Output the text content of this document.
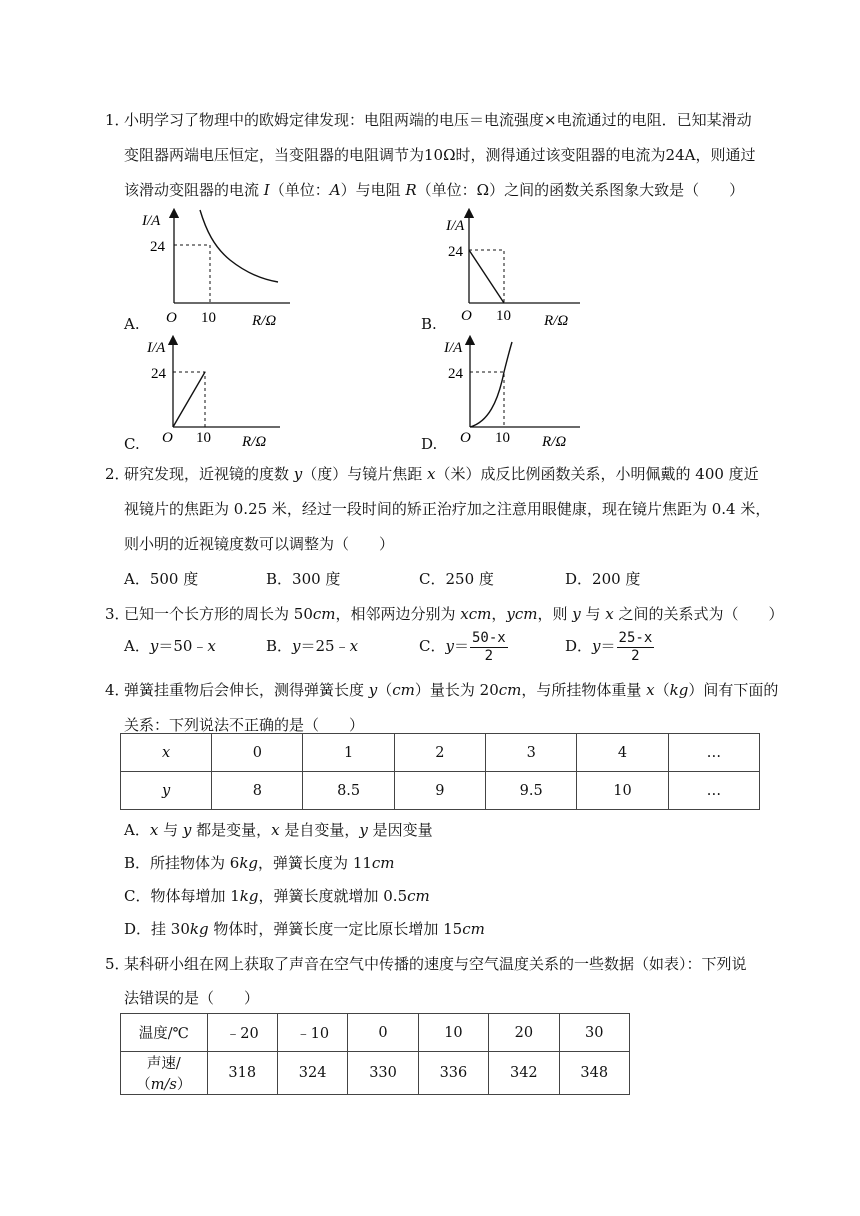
1．
小明学习了物理中的欧姆定律发现：电阻两端的电压＝电流强度×电流通过的电阻．已知某滑动
变阻器两端电压恒定，当变阻器的电阻调节为10Ω时，测得通过该变阻器的电流为24A，则通过
该滑动变阻器的电流 I（单位：A）与电阻 R（单位：Ω）之间的函数关系图象大致是（　　）
A.
I/A
24
O 10 R/Ω	B.
I/A
24
O 10 R/Ω
C.
I/A
24
O 10 R/Ω	D.
I/A
24
O 10 R/Ω
2．
研究发现，近视镜的度数 y（度）与镜片焦距 x（米）成反比例函数关系，小明佩戴的 400 度近
视镜片的焦距为 0.25 米，经过一段时间的矫正治疗加之注意用眼健康，现在镜片焦距为 0.4 米，
则小明的近视镜度数可以调整为（　　）
A．500 度	B．300 度	C．250 度	D．200 度
3．
已知一个长方形的周长为 50cm，相邻两边分别为 xcm，ycm，则 y 与 x 之间的关系式为（　　）
A．y＝50﹣x	B．y＝25﹣x	C．$y= \frac{50-x}{2}$	D．$y= \frac{25-x}{2}$
4．
弹簧挂重物后会伸长，测得弹簧长度 y（cm）量长为 20cm，与所挂物体重量 x（kg）间有下面的
关系：下列说法不正确的是（　　）
x	0	1	2	3	4	…
y	8	8.5	9	9.5	10	…
A．x 与 y 都是变量，x 是自变量，y 是因变量
B．所挂物体为 6kg，弹簧长度为 11cm
C．物体每增加 1kg，弹簧长度就增加 0.5cm
D．挂 30kg 物体时，弹簧长度一定比原长增加 15cm
5．
某科研小组在网上获取了声音在空气中传播的速度与空气温度关系的一些数据（如表）：下列说
法错误的是（　　）
温度/℃	﹣20	﹣10	0	10	20	30
声速/（m/s）	318	324	330	336	342	348
